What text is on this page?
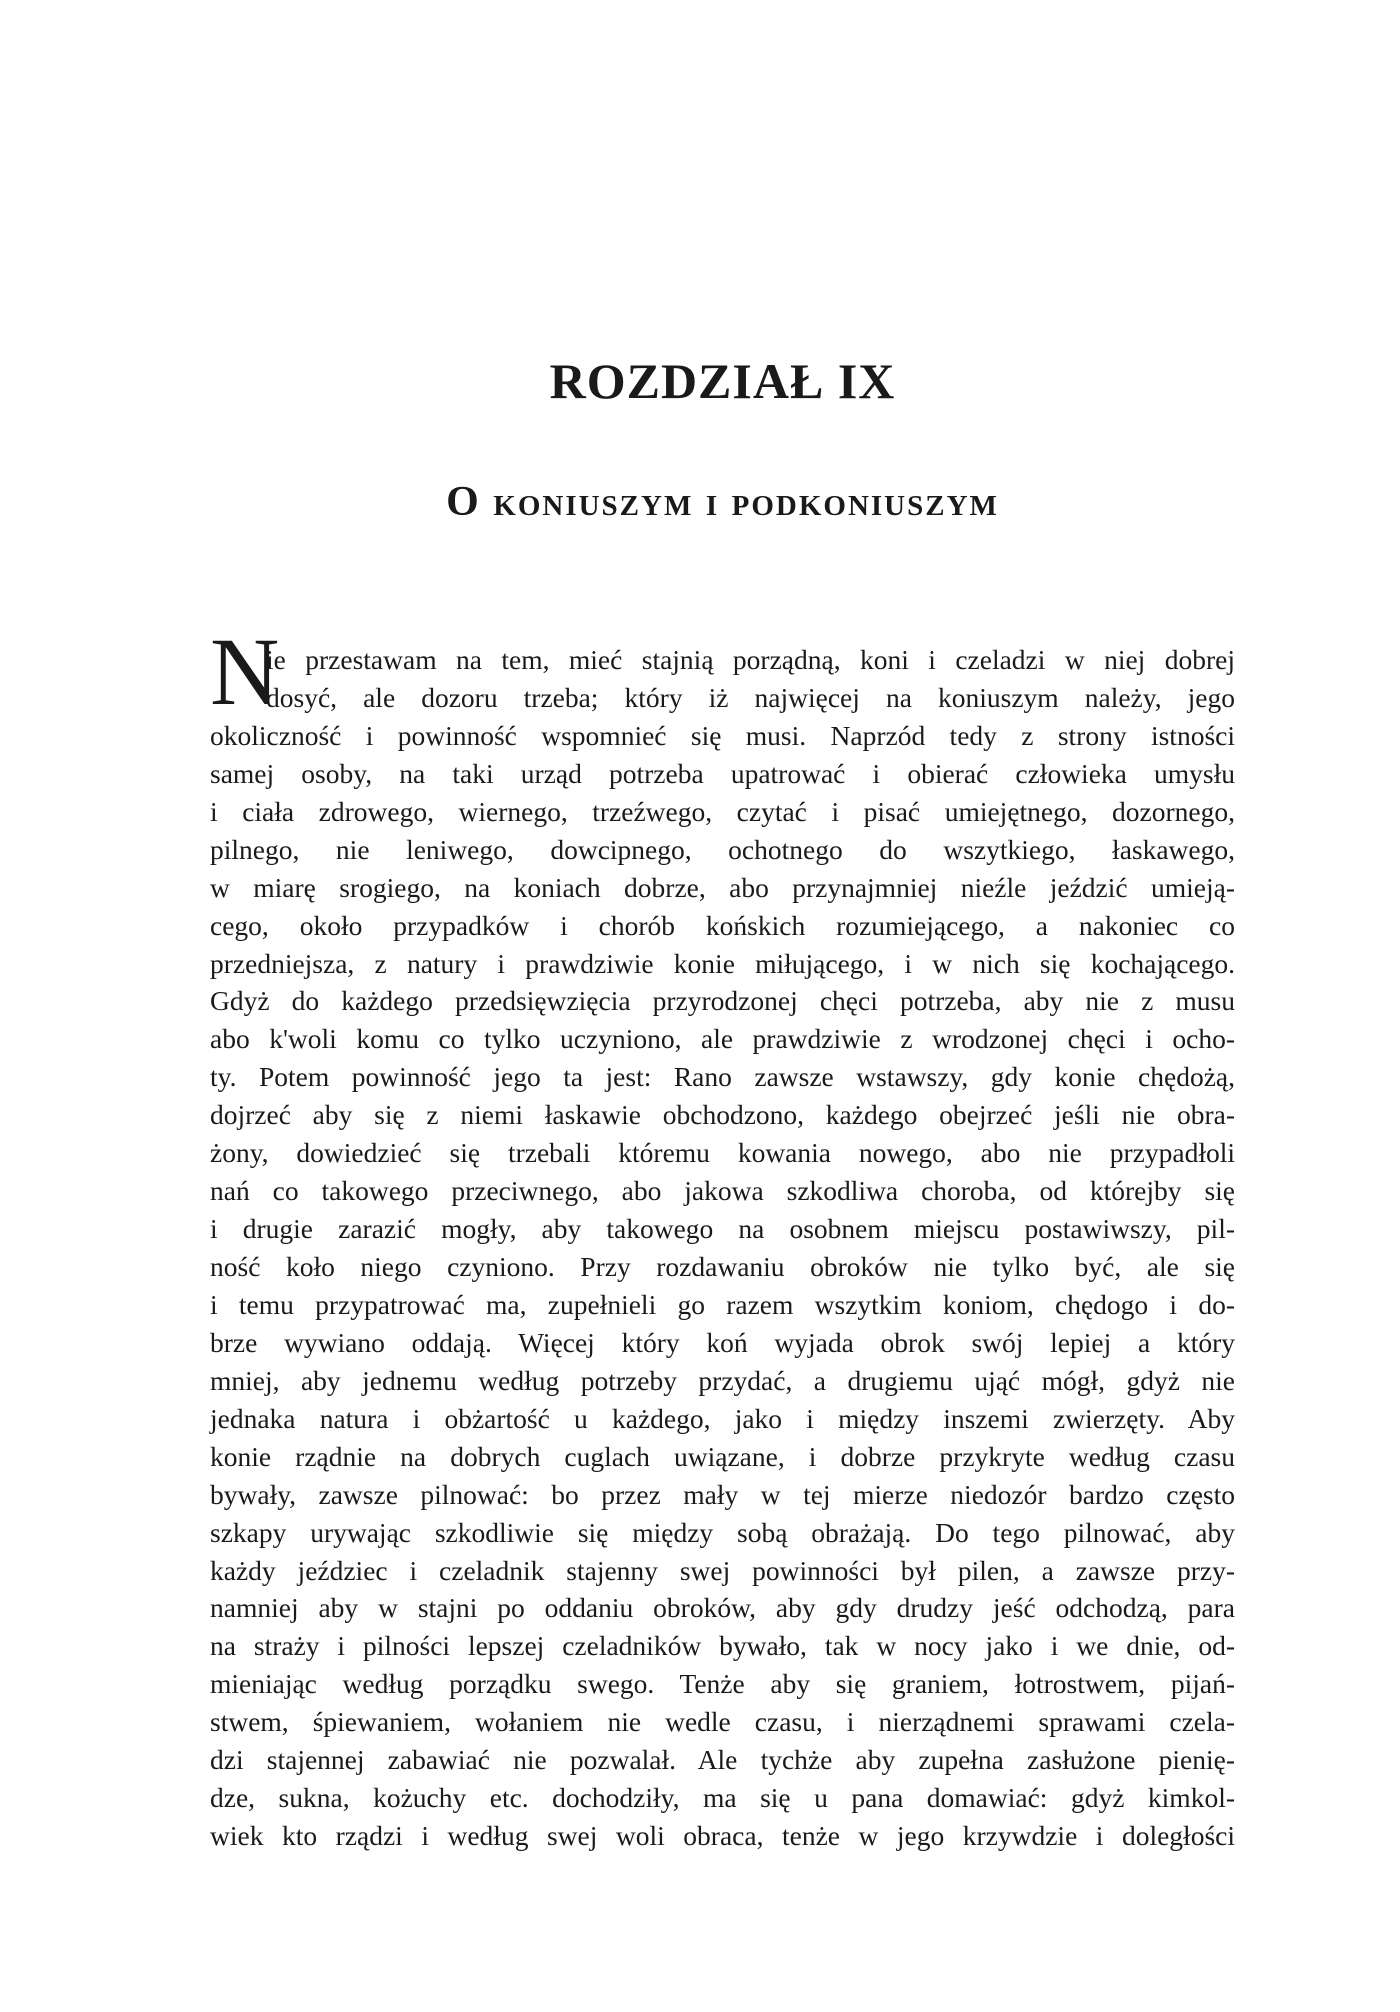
ROZDZIAŁ IX
O koniuszym i podkoniuszym
N
ie przestawam na tem, mieć stajnią porządną, koni i czeladzi w niej dobrej
dosyć, ale dozoru trzeba; który iż najwięcej na koniuszym należy, jego
okoliczność i powinność wspomnieć się musi. Naprzód tedy z strony istności
samej osoby, na taki urząd potrzeba upatrować i obierać człowieka umysłu
i ciała zdrowego, wiernego, trzeźwego, czytać i pisać umiejętnego, dozornego,
pilnego, nie leniwego, dowcipnego, ochotnego do wszytkiego, łaskawego,
w miarę srogiego, na koniach dobrze, abo przynajmniej nieźle jeździć umieją-
cego, około przypadków i chorób końskich rozumiejącego, a nakoniec co
przedniejsza, z natury i prawdziwie konie miłującego, i w nich się kochającego.
Gdyż do każdego przedsięwzięcia przyrodzonej chęci potrzeba, aby nie z musu
abo k'woli komu co tylko uczyniono, ale prawdziwie z wrodzonej chęci i ocho-
ty. Potem powinność jego ta jest: Rano zawsze wstawszy, gdy konie chędożą,
dojrzeć aby się z niemi łaskawie obchodzono, każdego obejrzeć jeśli nie obra-
żony, dowiedzieć się trzebali któremu kowania nowego, abo nie przypadłoli
nań co takowego przeciwnego, abo jakowa szkodliwa choroba, od którejby się
i drugie zarazić mogły, aby takowego na osobnem miejscu postawiwszy, pil-
ność koło niego czyniono. Przy rozdawaniu obroków nie tylko być, ale się
i temu przypatrować ma, zupełnieli go razem wszytkim koniom, chędogo i do-
brze wywiano oddają. Więcej który koń wyjada obrok swój lepiej a który
mniej, aby jednemu według potrzeby przydać, a drugiemu ująć mógł, gdyż nie
jednaka natura i obżartość u każdego, jako i między inszemi zwierzęty. Aby
konie rządnie na dobrych cuglach uwiązane, i dobrze przykryte według czasu
bywały, zawsze pilnować: bo przez mały w tej mierze niedozór bardzo często
szkapy urywając szkodliwie się między sobą obrażają. Do tego pilnować, aby
każdy jeździec i czeladnik stajenny swej powinności był pilen, a zawsze przy-
namniej aby w stajni po oddaniu obroków, aby gdy drudzy jeść odchodzą, para
na straży i pilności lepszej czeladników bywało, tak w nocy jako i we dnie, od-
mieniając według porządku swego. Tenże aby się graniem, łotrostwem, pijań-
stwem, śpiewaniem, wołaniem nie wedle czasu, i nierządnemi sprawami czela-
dzi stajennej zabawiać nie pozwalał. Ale tychże aby zupełna zasłużone pienię-
dze, sukna, kożuchy etc. dochodziły, ma się u pana domawiać: gdyż kimkol-
wiek kto rządzi i według swej woli obraca, tenże w jego krzywdzie i doległości
